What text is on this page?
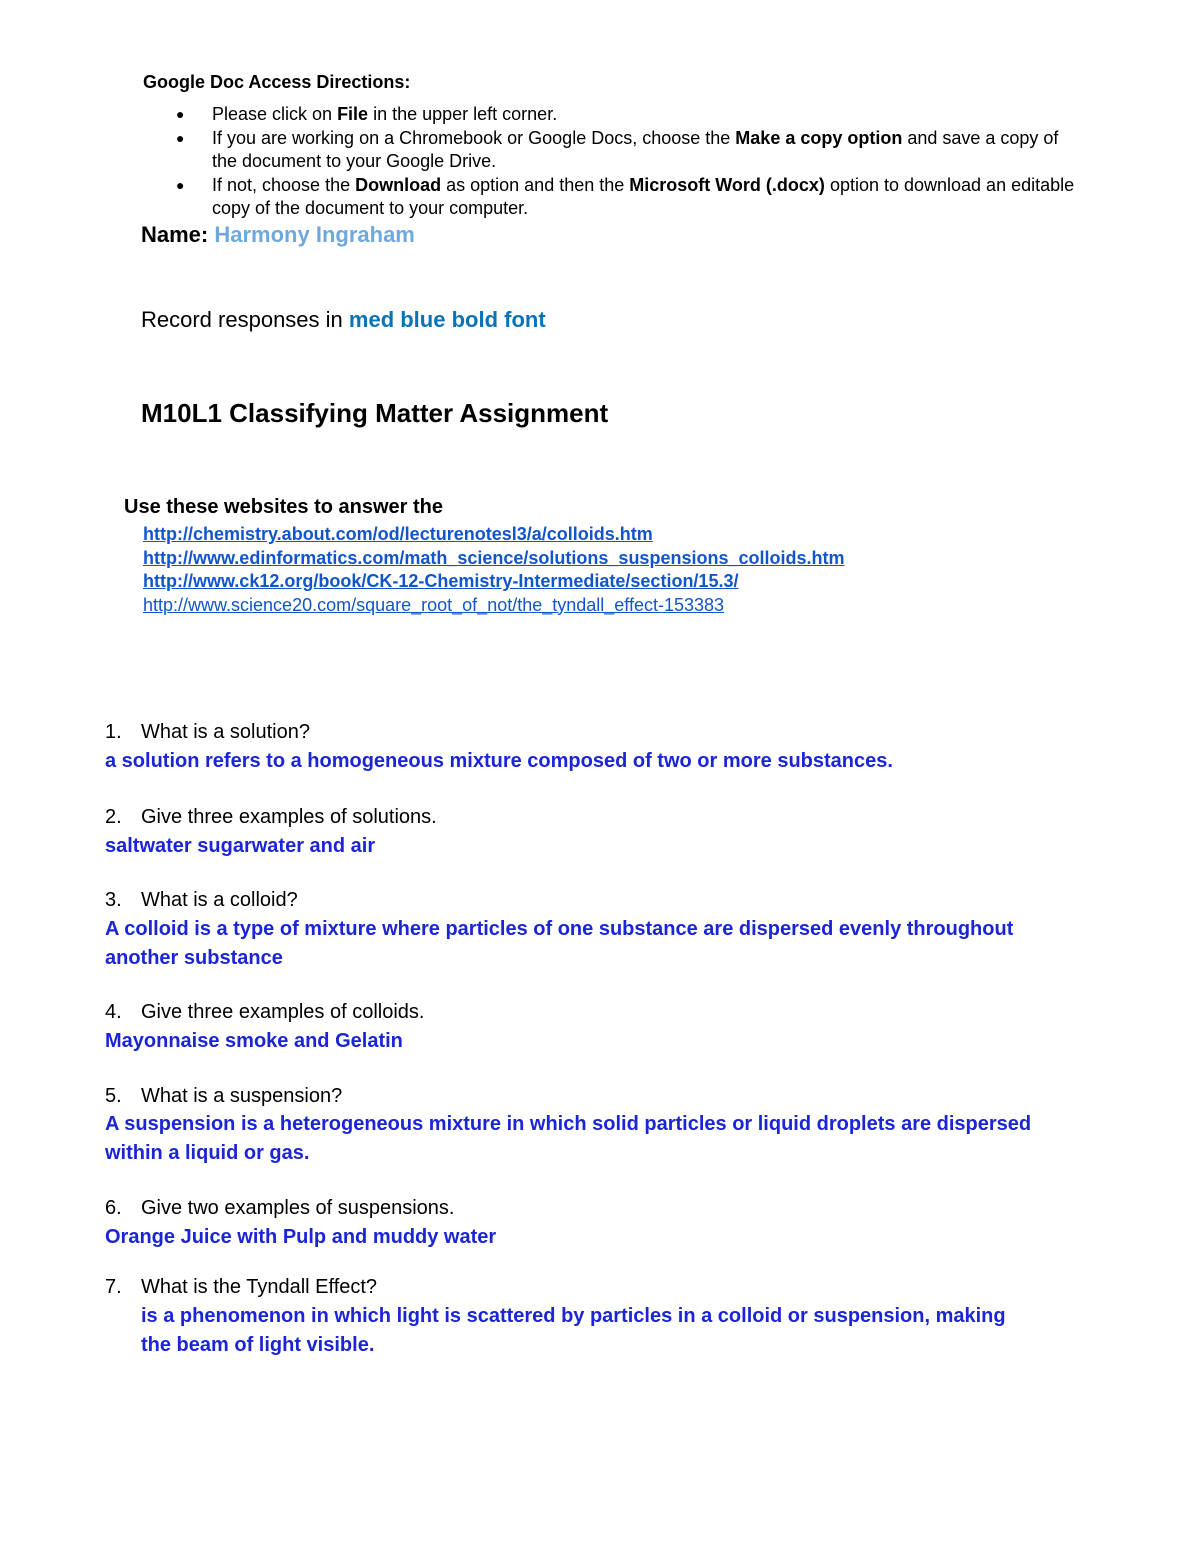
Google Doc Access Directions:
● Please click on File in the upper left corner.
● If you are working on a Chromebook or Google Docs, choose the Make a copy option and save a copy of the document to your Google Drive.
● If not, choose the Download as option and then the Microsoft Word (.docx) option to download an editable copy of the document to your computer.
Name: Harmony Ingraham
Record responses in med blue bold font
M10L1 Classifying Matter Assignment
Use these websites to answer the
http://chemistry.about.com/od/lecturenotesl3/a/colloids.htm
http://www.edinformatics.com/math_science/solutions_suspensions_colloids.htm
http://www.ck12.org/book/CK-12-Chemistry-Intermediate/section/15.3/
http://www.science20.com/square_root_of_not/the_tyndall_effect-153383
1. What is a solution?
a solution refers to a homogeneous mixture composed of two or more substances.
2. Give three examples of solutions.
saltwater sugarwater and air
3. What is a colloid?
A colloid is a type of mixture where particles of one substance are dispersed evenly throughout another substance
4. Give three examples of colloids.
Mayonnaise smoke and Gelatin
5. What is a suspension?
A suspension is a heterogeneous mixture in which solid particles or liquid droplets are dispersed within a liquid or gas.
6. Give two examples of suspensions.
Orange Juice with Pulp and muddy water
7. What is the Tyndall Effect?
is a phenomenon in which light is scattered by particles in a colloid or suspension, making the beam of light visible.
